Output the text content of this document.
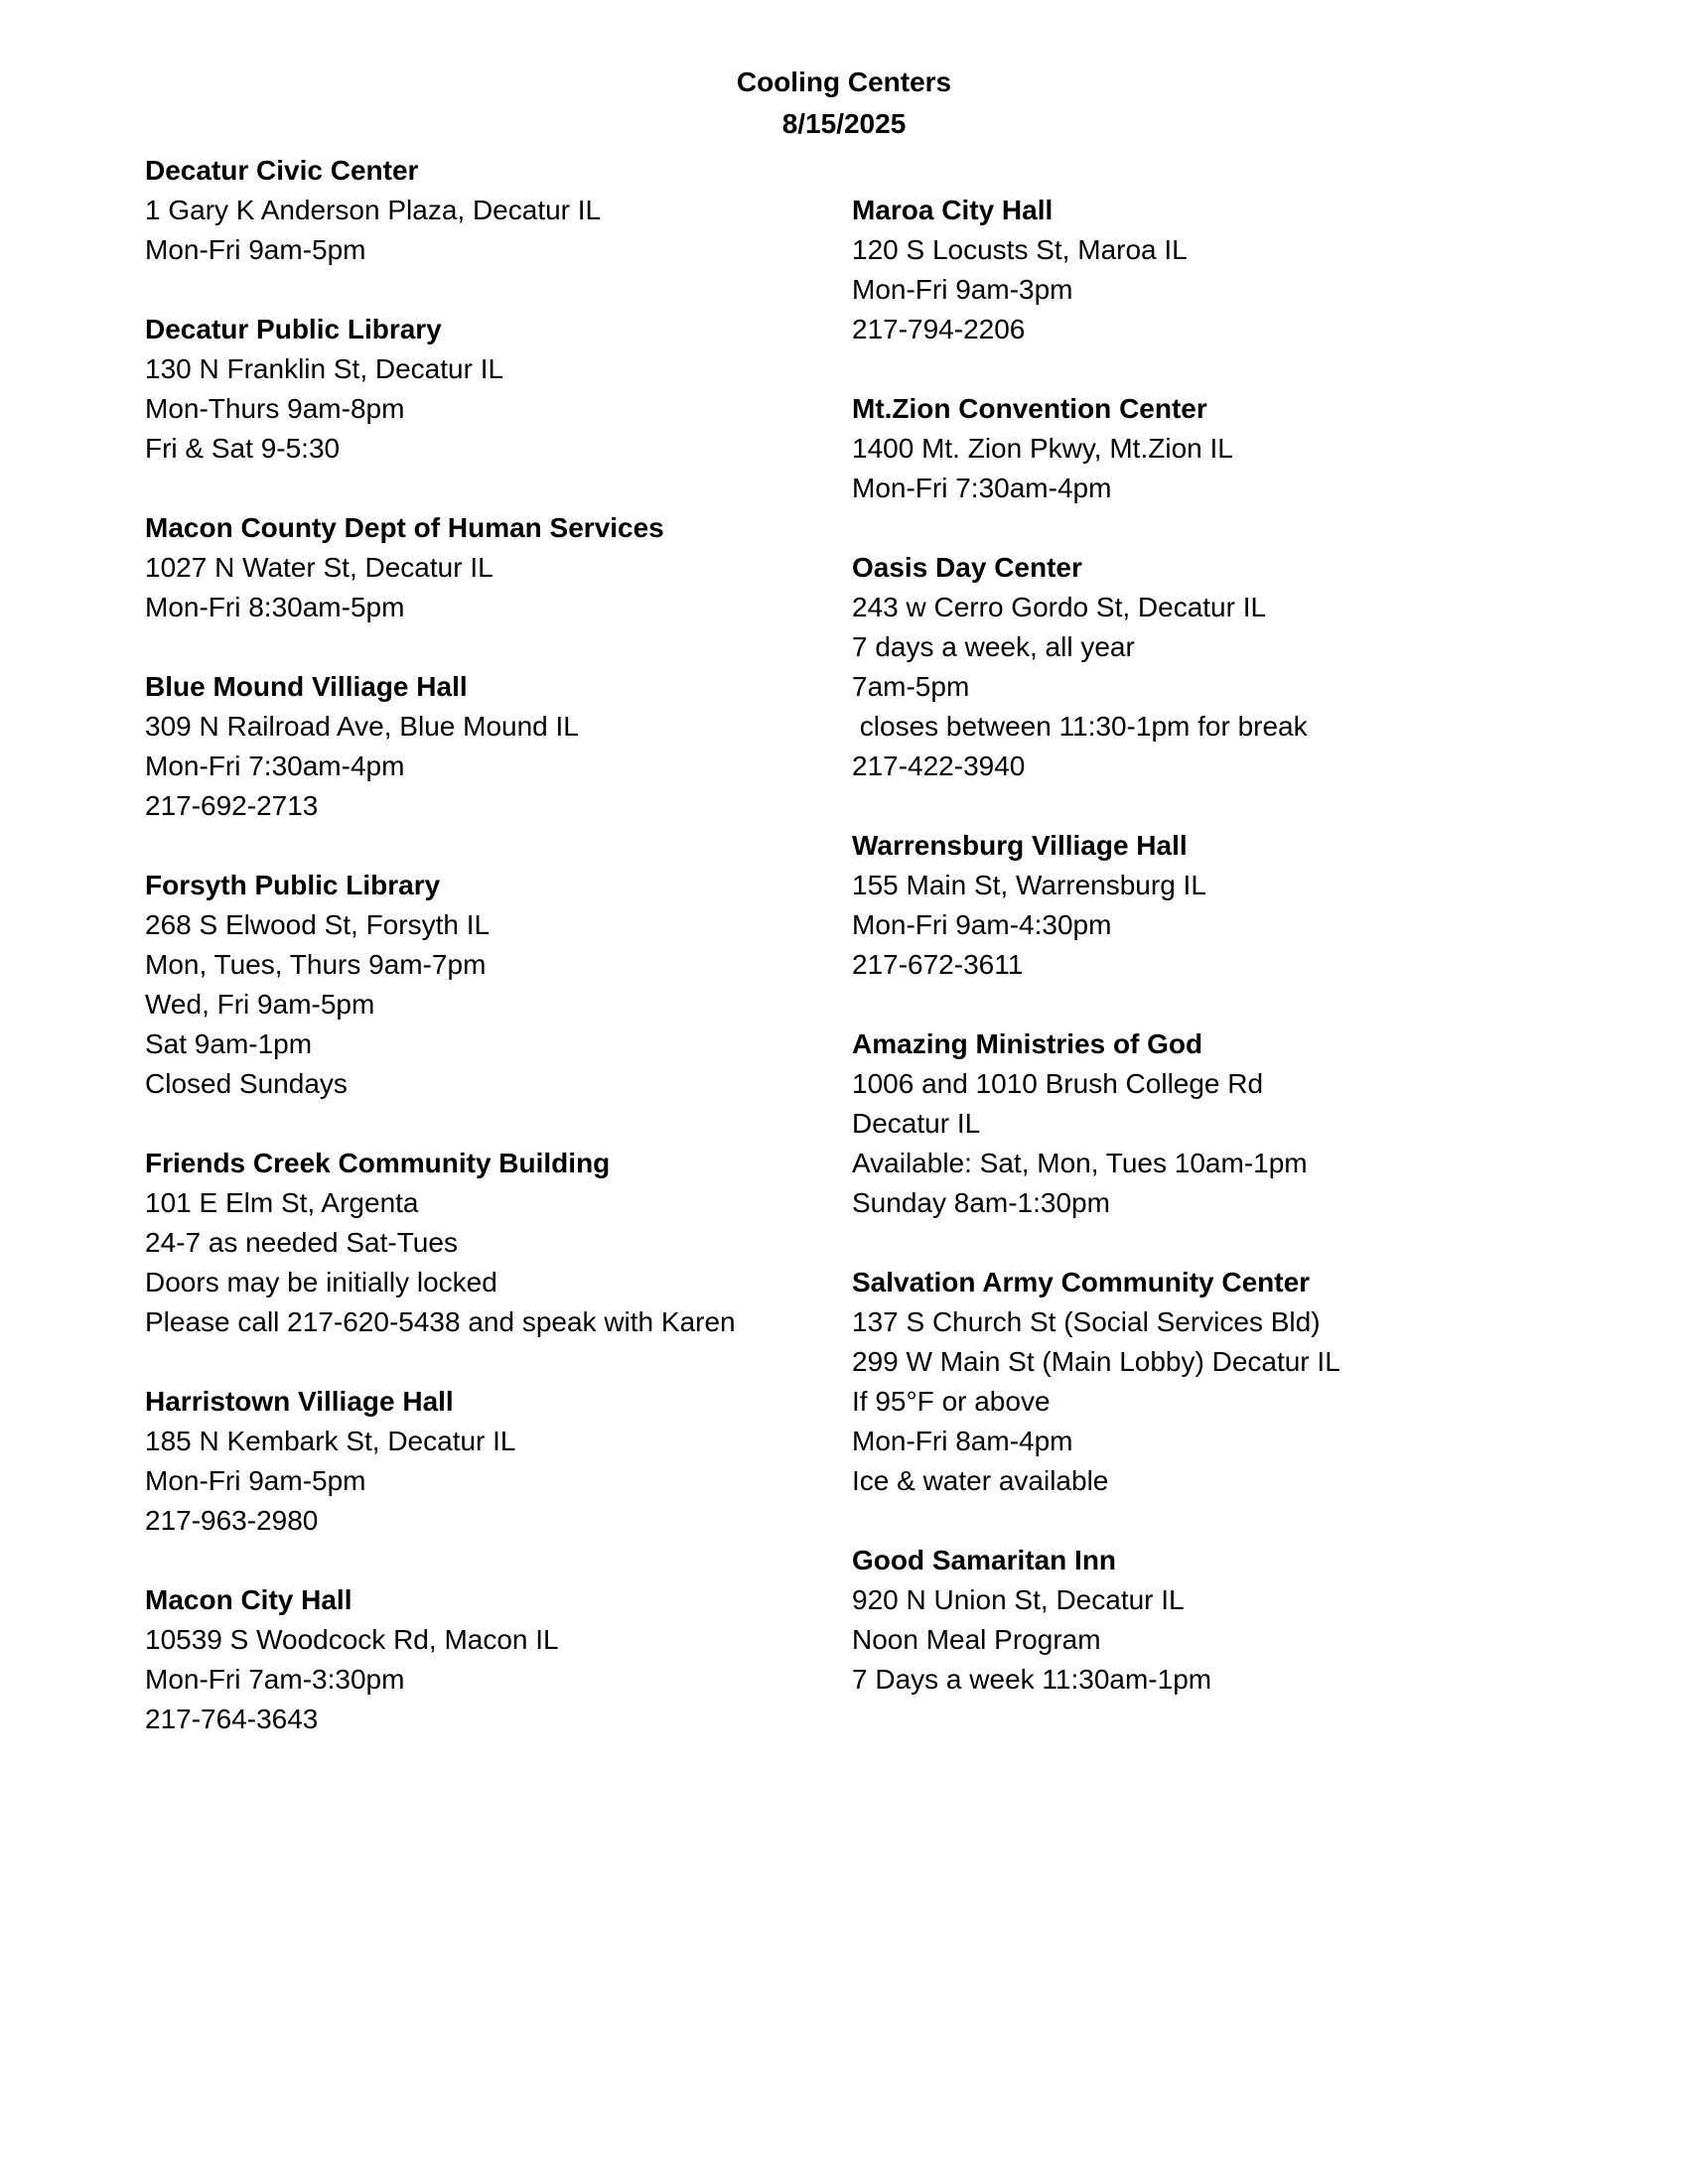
Cooling Centers
8/15/2025
Decatur Civic Center
1 Gary K Anderson Plaza, Decatur IL
Mon-Fri 9am-5pm
Decatur Public Library
130 N Franklin St, Decatur IL
Mon-Thurs 9am-8pm
Fri & Sat 9-5:30
Macon County Dept of Human Services
1027 N Water St, Decatur IL
Mon-Fri 8:30am-5pm
Blue Mound Villiage Hall
309 N Railroad Ave, Blue Mound IL
Mon-Fri 7:30am-4pm
217-692-2713
Forsyth Public Library
268 S Elwood St, Forsyth IL
Mon, Tues, Thurs 9am-7pm
Wed, Fri 9am-5pm
Sat 9am-1pm
Closed Sundays
Friends Creek Community Building
101 E Elm St, Argenta
24-7 as needed Sat-Tues
Doors may be initially locked
Please call 217-620-5438 and speak with Karen
Harristown Villiage Hall
185 N Kembark St, Decatur IL
Mon-Fri 9am-5pm
217-963-2980
Macon City Hall
10539 S Woodcock Rd, Macon IL
Mon-Fri 7am-3:30pm
217-764-3643
Maroa City Hall
120 S Locusts St, Maroa IL
Mon-Fri 9am-3pm
217-794-2206
Mt.Zion Convention Center
1400 Mt. Zion Pkwy, Mt.Zion IL
Mon-Fri 7:30am-4pm
Oasis Day Center
243 w Cerro Gordo St, Decatur IL
7 days a week, all year
7am-5pm
closes between 11:30-1pm for break
217-422-3940
Warrensburg Villiage Hall
155 Main St, Warrensburg IL
Mon-Fri 9am-4:30pm
217-672-3611
Amazing Ministries of God
1006 and 1010 Brush College Rd
Decatur IL
Available: Sat, Mon, Tues 10am-1pm
Sunday 8am-1:30pm
Salvation Army Community Center
137 S Church St (Social Services Bld)
299 W Main St (Main Lobby) Decatur IL
If 95°F or above
Mon-Fri 8am-4pm
Ice & water available
Good Samaritan Inn
920 N Union St, Decatur IL
Noon Meal Program
7 Days a week 11:30am-1pm
